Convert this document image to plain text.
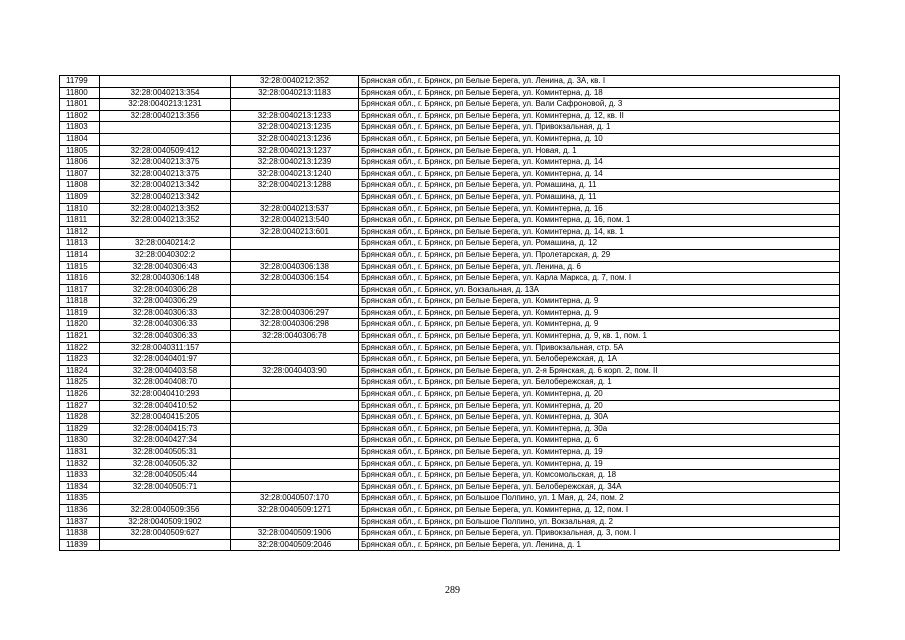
11799		32:28:0040212:352	Брянская обл., г. Брянск, рп Белые Берега, ул. Ленина, д. 3А, кв. I
11800	32:28:0040213:354	32:28:0040213:1183	Брянская обл., г. Брянск, рп Белые Берега, ул. Коминтерна, д. 18
11801	32:28:0040213:1231		Брянская обл., г. Брянск, рп Белые Берега, ул. Вали Сафроновой, д. 3
11802	32:28:0040213:356	32:28:0040213:1233	Брянская обл., г. Брянск, рп Белые Берега, ул. Коминтерна, д. 12, кв. II
11803		32:28:0040213:1235	Брянская обл., г. Брянск, рп Белые Берега, ул. Привокзальная, д. 1
11804		32:28:0040213:1236	Брянская обл., г. Брянск, рп Белые Берега, ул. Коминтерна, д. 10
11805	32:28:0040509:412	32:28:0040213:1237	Брянская обл., г. Брянск, рп Белые Берега, ул. Новая, д. 1
11806	32:28:0040213:375	32:28:0040213:1239	Брянская обл., г. Брянск, рп Белые Берега, ул. Коминтерна, д. 14
11807	32:28:0040213:375	32:28:0040213:1240	Брянская обл., г. Брянск, рп Белые Берега, ул. Коминтерна, д. 14
11808	32:28:0040213:342	32:28:0040213:1288	Брянская обл., г. Брянск, рп Белые Берега, ул. Ромашина, д. 11
11809	32:28:0040213:342		Брянская обл., г. Брянск, рп Белые Берега, ул. Ромашина, д. 11
11810	32:28:0040213:352	32:28:0040213:537	Брянская обл., г. Брянск, рп Белые Берега, ул. Коминтерна, д. 16
11811	32:28:0040213:352	32:28:0040213:540	Брянская обл., г. Брянск, рп Белые Берега, ул. Коминтерна, д. 16, пом. 1
11812		32:28:0040213:601	Брянская обл., г. Брянск, рп Белые Берега, ул. Коминтерна, д. 14, кв. 1
11813	32:28:0040214:2		Брянская обл., г. Брянск, рп Белые Берега, ул. Ромашина, д. 12
11814	32:28:0040302:2		Брянская обл., г. Брянск, рп Белые Берега, ул. Пролетарская, д. 29
11815	32:28:0040306:43	32:28:0040306:138	Брянская обл., г. Брянск, рп Белые Берега, ул. Ленина, д. 6
11816	32:28:0040306:148	32:28:0040306:154	Брянская обл., г. Брянск, рп Белые Берега, ул. Карла Маркса, д. 7, пом. I
11817	32:28:0040306:28		Брянская обл., г. Брянск, ул. Вокзальная, д. 13А
11818	32:28:0040306:29		Брянская обл., г. Брянск, рп Белые Берега, ул. Коминтерна, д. 9
11819	32:28:0040306:33	32:28:0040306:297	Брянская обл., г. Брянск, рп Белые Берега, ул. Коминтерна, д. 9
11820	32:28:0040306:33	32:28:0040306:298	Брянская обл., г. Брянск, рп Белые Берега, ул. Коминтерна, д. 9
11821	32:28:0040306:33	32:28:0040306:78	Брянская обл., г. Брянск, рп Белые Берега, ул. Коминтерна, д. 9, кв. 1, пом. 1
11822	32:28:0040311:157		Брянская обл., г. Брянск, рп Белые Берега, ул. Привокзальная, стр. 5А
11823	32:28:0040401:97		Брянская обл., г. Брянск, рп Белые Берега, ул. Белобережская, д. 1А
11824	32:28:0040403:58	32:28:0040403:90	Брянская обл., г. Брянск, рп Белые Берега, ул. 2-я Брянская, д. 6 корп. 2, пом. II
11825	32:28:0040408:70		Брянская обл., г. Брянск, рп Белые Берега, ул. Белобережская, д. 1
11826	32:28:0040410:293		Брянская обл., г. Брянск, рп Белые Берега, ул. Коминтерна, д. 20
11827	32:28:0040410:52		Брянская обл., г. Брянск, рп Белые Берега, ул. Коминтерна, д. 20
11828	32:28:0040415:205		Брянская обл., г. Брянск, рп Белые Берега, ул. Коминтерна, д. 30А
11829	32:28:0040415:73		Брянская обл., г. Брянск, рп Белые Берега, ул. Коминтерна, д. 30а
11830	32:28:0040427:34		Брянская обл., г. Брянск, рп Белые Берега, ул. Коминтерна, д. 6
11831	32:28:0040505:31		Брянская обл., г. Брянск, рп Белые Берега, ул. Коминтерна, д. 19
11832	32:28:0040505:32		Брянская обл., г. Брянск, рп Белые Берега, ул. Коминтерна, д. 19
11833	32:28:0040505:44		Брянская обл., г. Брянск, рп Белые Берега, ул. Комсомольская, д. 18
11834	32:28:0040505:71		Брянская обл., г. Брянск, рп Белые Берега, ул. Белобережская, д. 34А
11835		32:28:0040507:170	Брянская обл., г. Брянск, рп Большое Полпино, ул. 1 Мая, д. 24, пом. 2
11836	32:28:0040509:356	32:28:0040509:1271	Брянская обл., г. Брянск, рп Белые Берега, ул. Коминтерна, д. 12, пом. I
11837	32:28:0040509:1902		Брянская обл., г. Брянск, рп Большое Полпино, ул. Вокзальная, д. 2
11838	32:28:0040509:627	32:28:0040509:1906	Брянская обл., г. Брянск, рп Белые Берега, ул. Привокзальная, д. 3, пом. I
11839		32:28:0040509:2046	Брянская обл., г. Брянск, рп Белые Берега, ул. Ленина, д. 1
289
